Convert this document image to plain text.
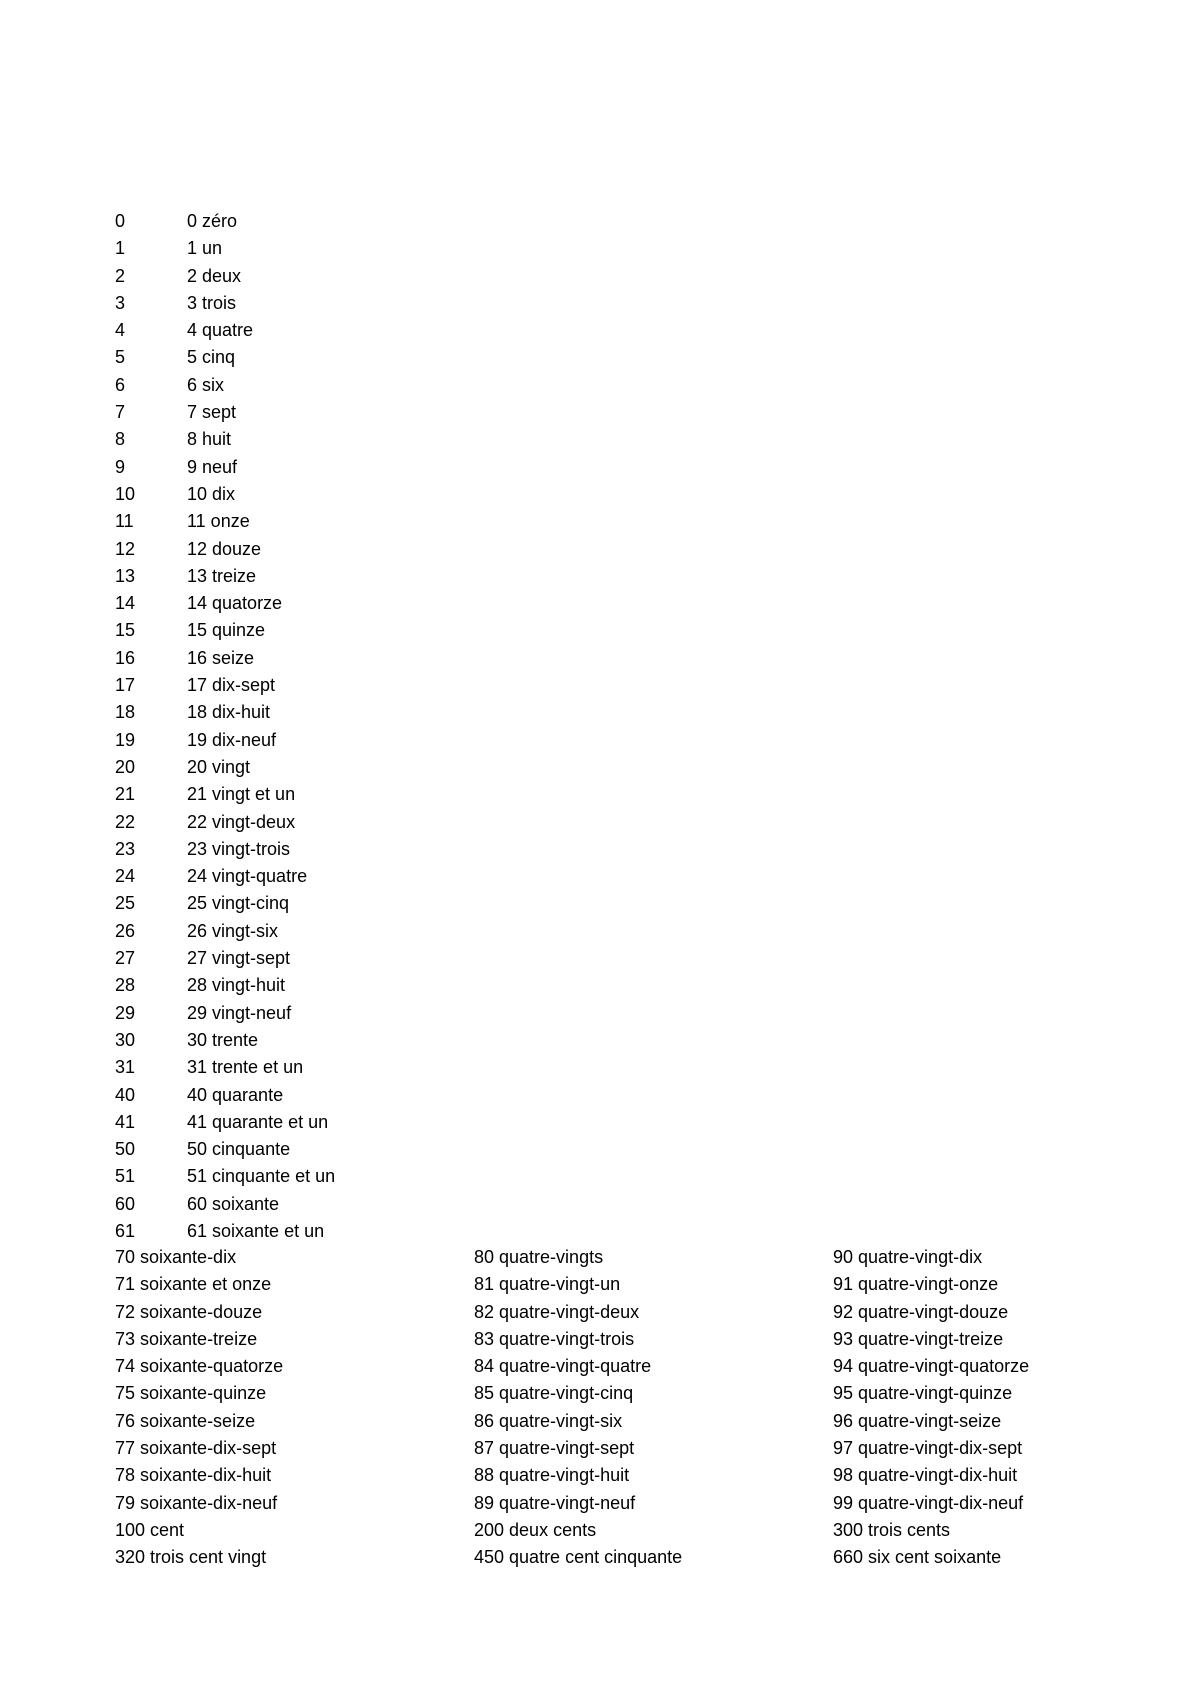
0	0 zéro
1	1 un
2	2 deux
3	3 trois
4	4 quatre
5	5 cinq
6	6 six
7	7 sept
8	8 huit
9	9 neuf
10	10 dix
11	11 onze
12	12 douze
13	13 treize
14	14 quatorze
15	15 quinze
16	16 seize
17	17 dix-sept
18	18 dix-huit
19	19 dix-neuf
20	20 vingt
21	21 vingt et un
22	22 vingt-deux
23	23 vingt-trois
24	24 vingt-quatre
25	25 vingt-cinq
26	26 vingt-six
27	27 vingt-sept
28	28 vingt-huit
29	29 vingt-neuf
30	30 trente
31	31 trente et un
40	40 quarante
41	41 quarante et un
50	50 cinquante
51	51 cinquante et un
60	60 soixante
61	61 soixante et un
70 soixante-dix	80 quatre-vingts	90 quatre-vingt-dix
71 soixante et onze	81 quatre-vingt-un	91 quatre-vingt-onze
72 soixante-douze	82 quatre-vingt-deux	92 quatre-vingt-douze
73 soixante-treize	83 quatre-vingt-trois	93 quatre-vingt-treize
74 soixante-quatorze	84 quatre-vingt-quatre	94 quatre-vingt-quatorze
75 soixante-quinze	85 quatre-vingt-cinq	95 quatre-vingt-quinze
76 soixante-seize	86 quatre-vingt-six	96 quatre-vingt-seize
77 soixante-dix-sept	87 quatre-vingt-sept	97 quatre-vingt-dix-sept
78 soixante-dix-huit	88 quatre-vingt-huit	98 quatre-vingt-dix-huit
79 soixante-dix-neuf	89 quatre-vingt-neuf	99 quatre-vingt-dix-neuf
100 cent	200 deux cents	300 trois cents
320 trois cent vingt	450 quatre cent cinquante	660 six cent soixante
